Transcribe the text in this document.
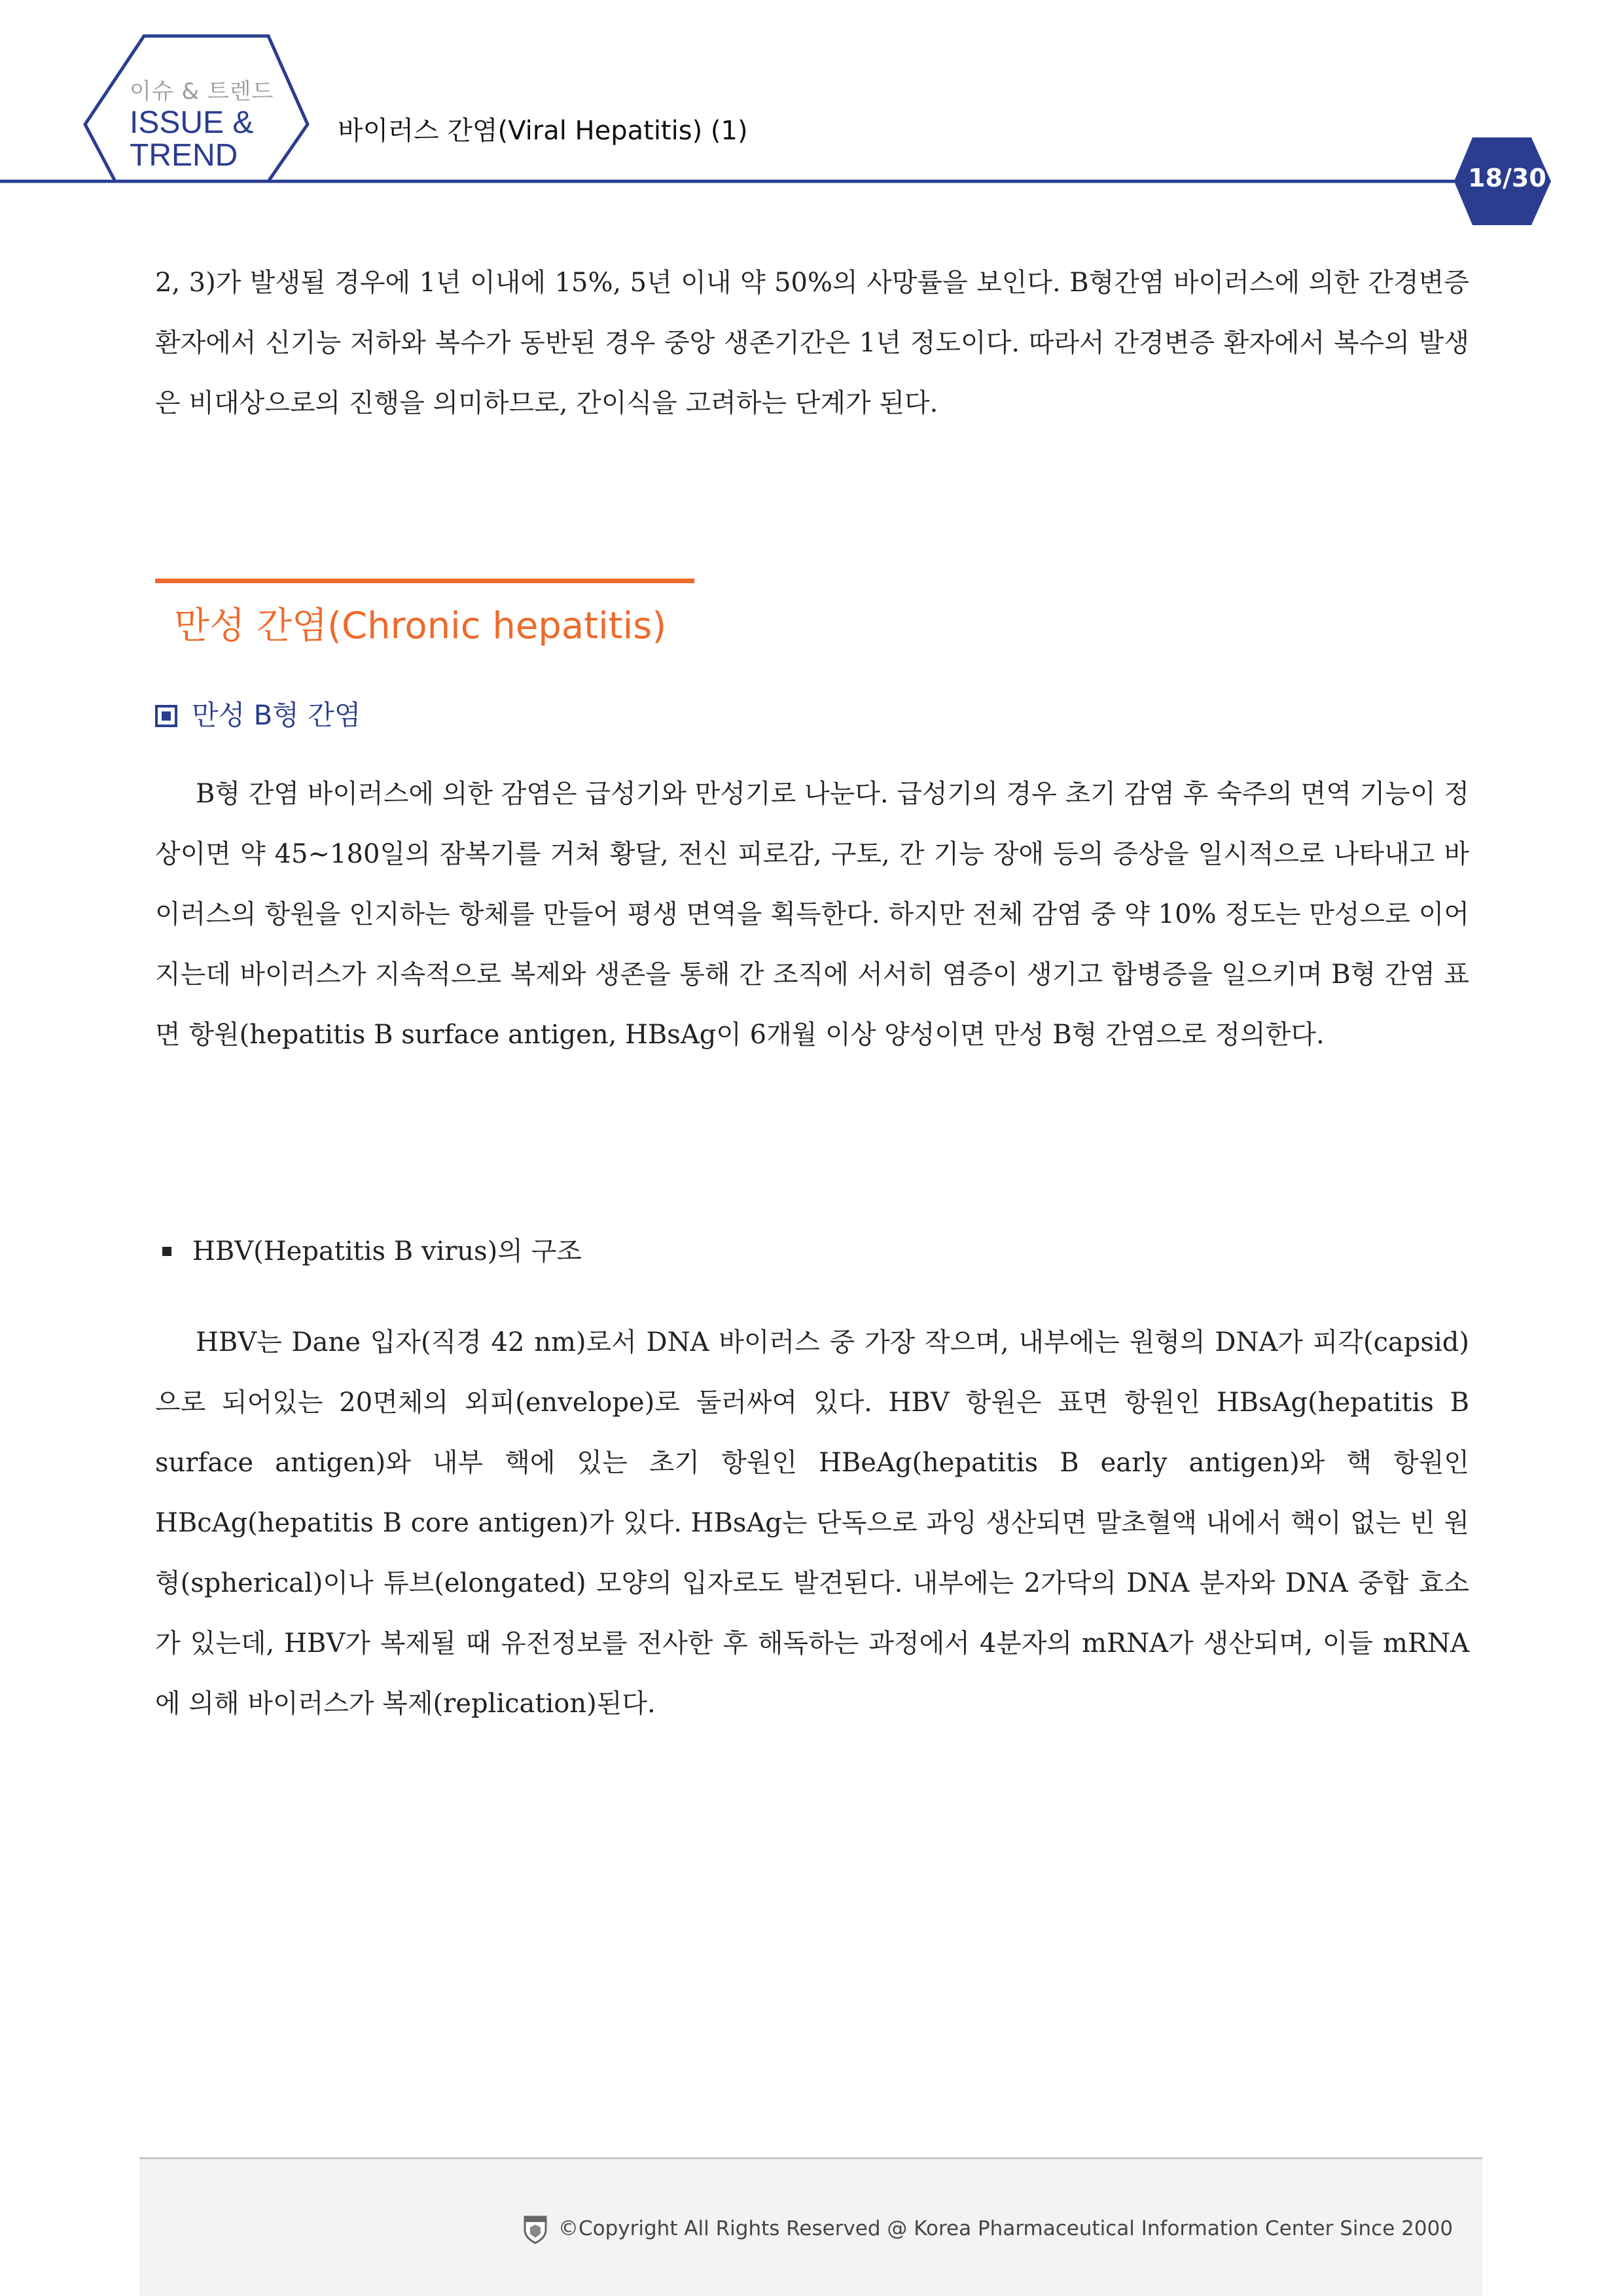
이슈 & 트렌드
ISSUE &
TREND
바이러스 간염(Viral Hepatitis) (1)
18/30

2, 3)가 발생될 경우에 1년 이내에 15%, 5년 이내 약 50%의 사망률을 보인다. B형간염 바이러스에 의한 간경변증 환자에서 신기능 저하와 복수가 동반된 경우 중앙 생존기간은 1년 정도이다. 따라서 간경변증 환자에서 복수의 발생은 비대상으로의 진행을 의미하므로, 간이식을 고려하는 단계가 된다.

만성 간염(Chronic hepatitis)
만성 B형 간염

B형 간염 바이러스에 의한 감염은 급성기와 만성기로 나눈다. 급성기의 경우 초기 감염 후 숙주의 면역 기능이 정상이면 약 45~180일의 잠복기를 거쳐 황달, 전신 피로감, 구토, 간 기능 장애 등의 증상을 일시적으로 나타내고 바이러스의 항원을 인지하는 항체를 만들어 평생 면역을 획득한다. 하지만 전체 감염 중 약 10% 정도는 만성으로 이어지는데 바이러스가 지속적으로 복제와 생존을 통해 간 조직에 서서히 염증이 생기고 합병증을 일으키며 B형 간염 표면 항원(hepatitis B surface antigen, HBsAg이 6개월 이상 양성이면 만성 B형 간염으로 정의한다.

HBV(Hepatitis B virus)의 구조

HBV는 Dane 입자(직경 42 nm)로서 DNA 바이러스 중 가장 작으며, 내부에는 원형의 DNA가 피각(capsid)으로 되어있는 20면체의 외피(envelope)로 둘러싸여 있다. HBV 항원은 표면 항원인 HBsAg(hepatitis B surface antigen)와 내부 핵에 있는 초기 항원인 HBeAg(hepatitis B early antigen)와 핵 항원인HBcAg(hepatitis B core antigen)가 있다. HBsAg는 단독으로 과잉 생산되면 말초혈액 내에서 핵이 없는 빈 원형(spherical)이나 튜브(elongated) 모양의 입자로도 발견된다. 내부에는 2가닥의 DNA 분자와 DNA 중합 효소가 있는데, HBV가 복제될 때 유전정보를 전사한 후 해독하는 과정에서 4분자의 mRNA가 생산되며, 이들 mRNA에 의해 바이러스가 복제(replication)된다.

©Copyright All Rights Reserved @ Korea Pharmaceutical Information Center Since 2000
